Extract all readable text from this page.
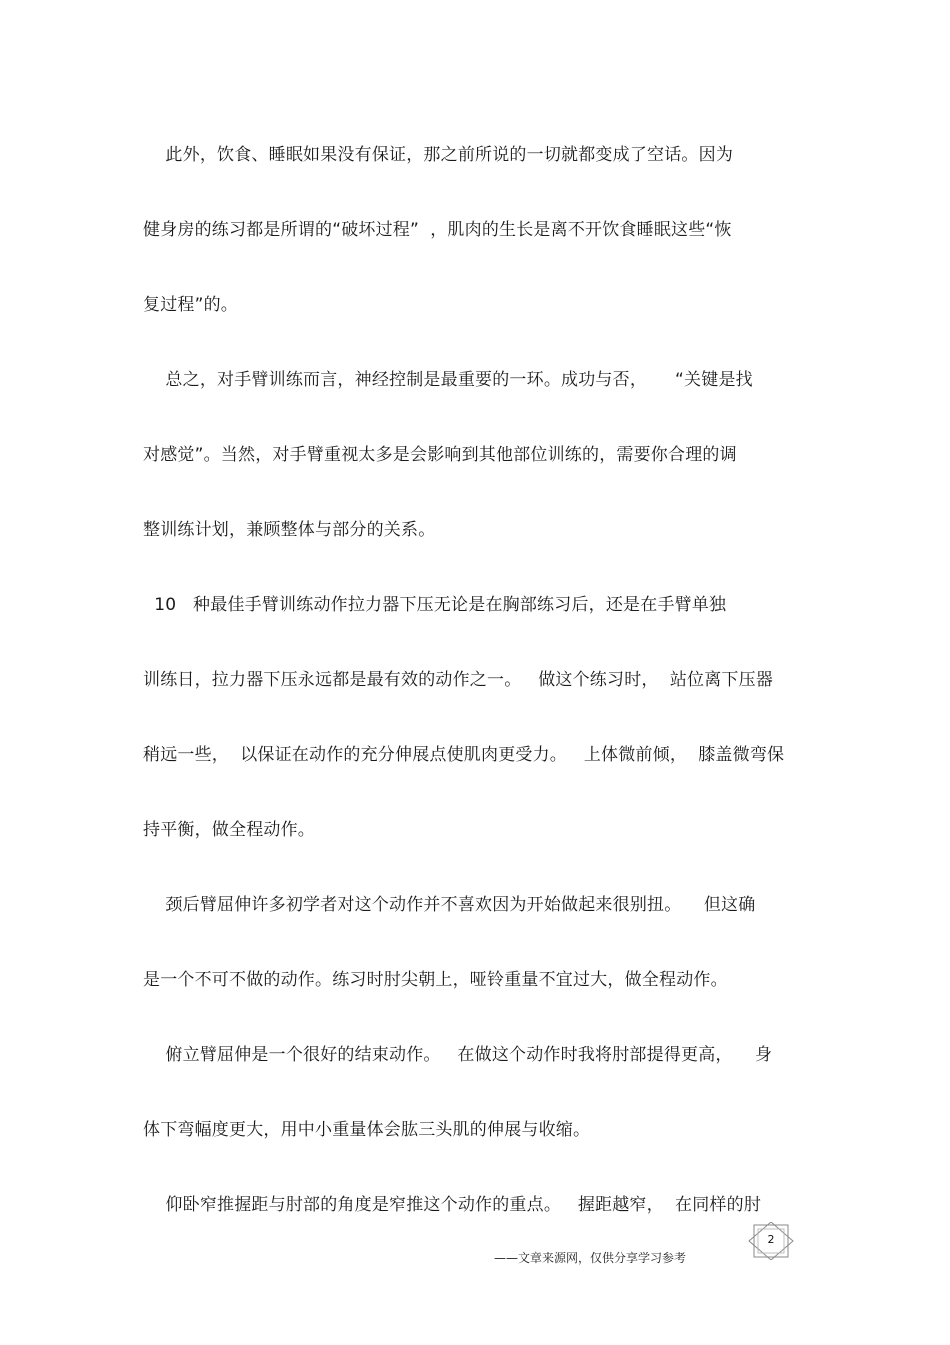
此外，饮食、睡眠如果没有保证，那之前所说的一切就都变成了空话。因为
健身房的练习都是所谓的“破坏过程”  ，肌肉的生长是离不开饮食睡眠这些“恢
复过程”的。
总之，对手臂训练而言，神经控制是最重要的一环。成功与否，     “关键是找
对感觉”。当然，对手臂重视太多是会影响到其他部位训练的，需要你合理的调
整训练计划，兼顾整体与部分的关系。
10   种最佳手臂训练动作拉力器下压无论是在胸部练习后，还是在手臂单独
训练日，拉力器下压永远都是最有效的动作之一。   做这个练习时，  站位离下压器
稍远一些，  以保证在动作的充分伸展点使肌肉更受力。   上体微前倾，  膝盖微弯保
持平衡，做全程动作。
颈后臂屈伸许多初学者对这个动作并不喜欢因为开始做起来很别扭。    但这确
是一个不可不做的动作。练习时肘尖朝上，哑铃重量不宜过大，做全程动作。
俯立臂屈伸是一个很好的结束动作。   在做这个动作时我将肘部提得更高，    身
体下弯幅度更大，用中小重量体会肱三头肌的伸展与收缩。
仰卧窄推握距与肘部的角度是窄推这个动作的重点。   握距越窄，  在同样的肘
2
——文章来源网，仅供分享学习参考
